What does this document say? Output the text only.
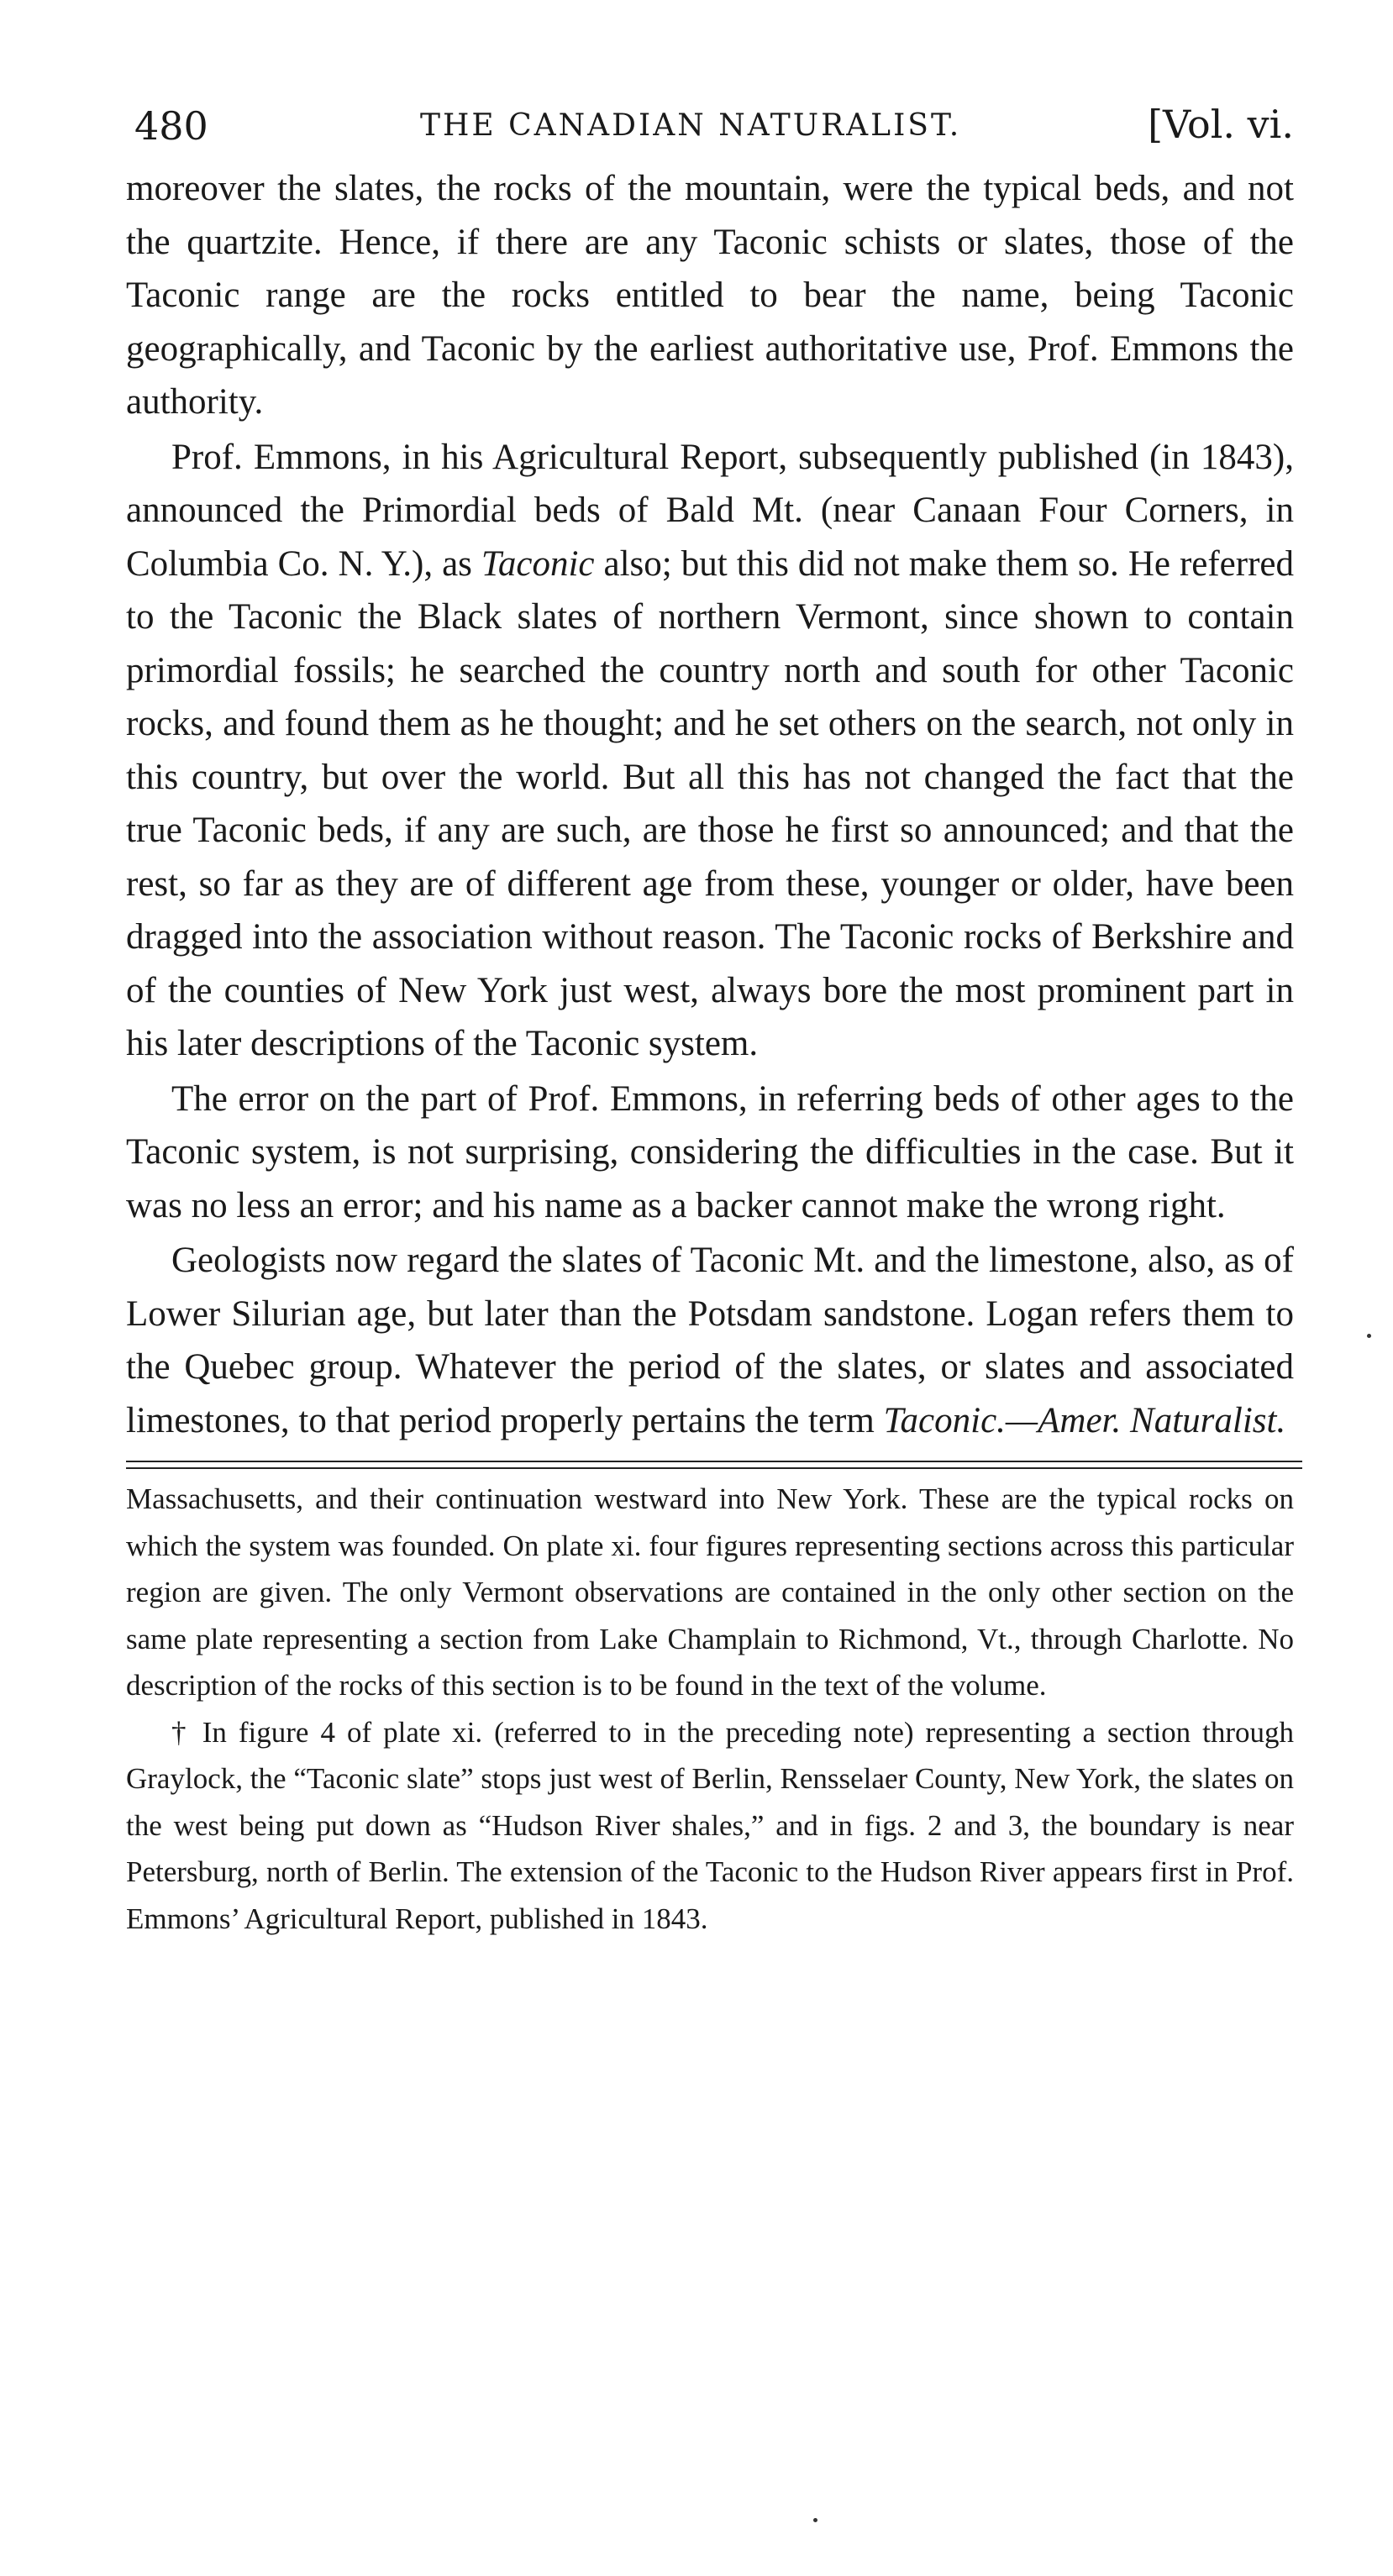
480	THE CANADIAN NATURALIST.	[Vol. vi.

moreover the slates, the rocks of the mountain, were the typical beds, and not the quartzite. Hence, if there are any Taconic schists or slates, those of the Taconic range are the rocks entitled to bear the name, being Taconic geographically, and Taconic by the earliest authoritative use, Prof. Emmons the authority.

Prof. Emmons, in his Agricultural Report, subsequently published (in 1843), announced the Primordial beds of Bald Mt. (near Canaan Four Corners, in Columbia Co. N. Y.), as Taconic also; but this did not make them so. He referred to the Taconic the Black slates of northern Vermont, since shown to contain primordial fossils; he searched the country north and south for other Taconic rocks, and found them as he thought; and he set others on the search, not only in this country, but over the world. But all this has not changed the fact that the true Taconic beds, if any are such, are those he first so announced; and that the rest, so far as they are of different age from these, younger or older, have been dragged into the association without reason. The Taconic rocks of Berkshire and of the counties of New York just west, always bore the most prominent part in his later descriptions of the Taconic system.

The error on the part of Prof. Emmons, in referring beds of other ages to the Taconic system, is not surprising, considering the difficulties in the case. But it was no less an error; and his name as a backer cannot make the wrong right.

Geologists now regard the slates of Taconic Mt. and the limestone, also, as of Lower Silurian age, but later than the Potsdam sandstone. Logan refers them to the Quebec group. Whatever the period of the slates, or slates and associated limestones, to that period properly pertains the term Taconic.—Amer. Naturalist.

Massachusetts, and their continuation westward into New York. These are the typical rocks on which the system was founded. On plate xi. four figures representing sections across this particular region are given. The only Vermont observations are contained in the only other section on the same plate representing a section from Lake Champlain to Richmond, Vt., through Charlotte. No description of the rocks of this section is to be found in the text of the volume.

† In figure 4 of plate xi. (referred to in the preceding note) representing a section through Graylock, the “Taconic slate” stops just west of Berlin, Rensselaer County, New York, the slates on the west being put down as “Hudson River shales,” and in figs. 2 and 3, the boundary is near Petersburg, north of Berlin. The extension of the Taconic to the Hudson River appears first in Prof. Emmons’ Agricultural Report, published in 1843.
